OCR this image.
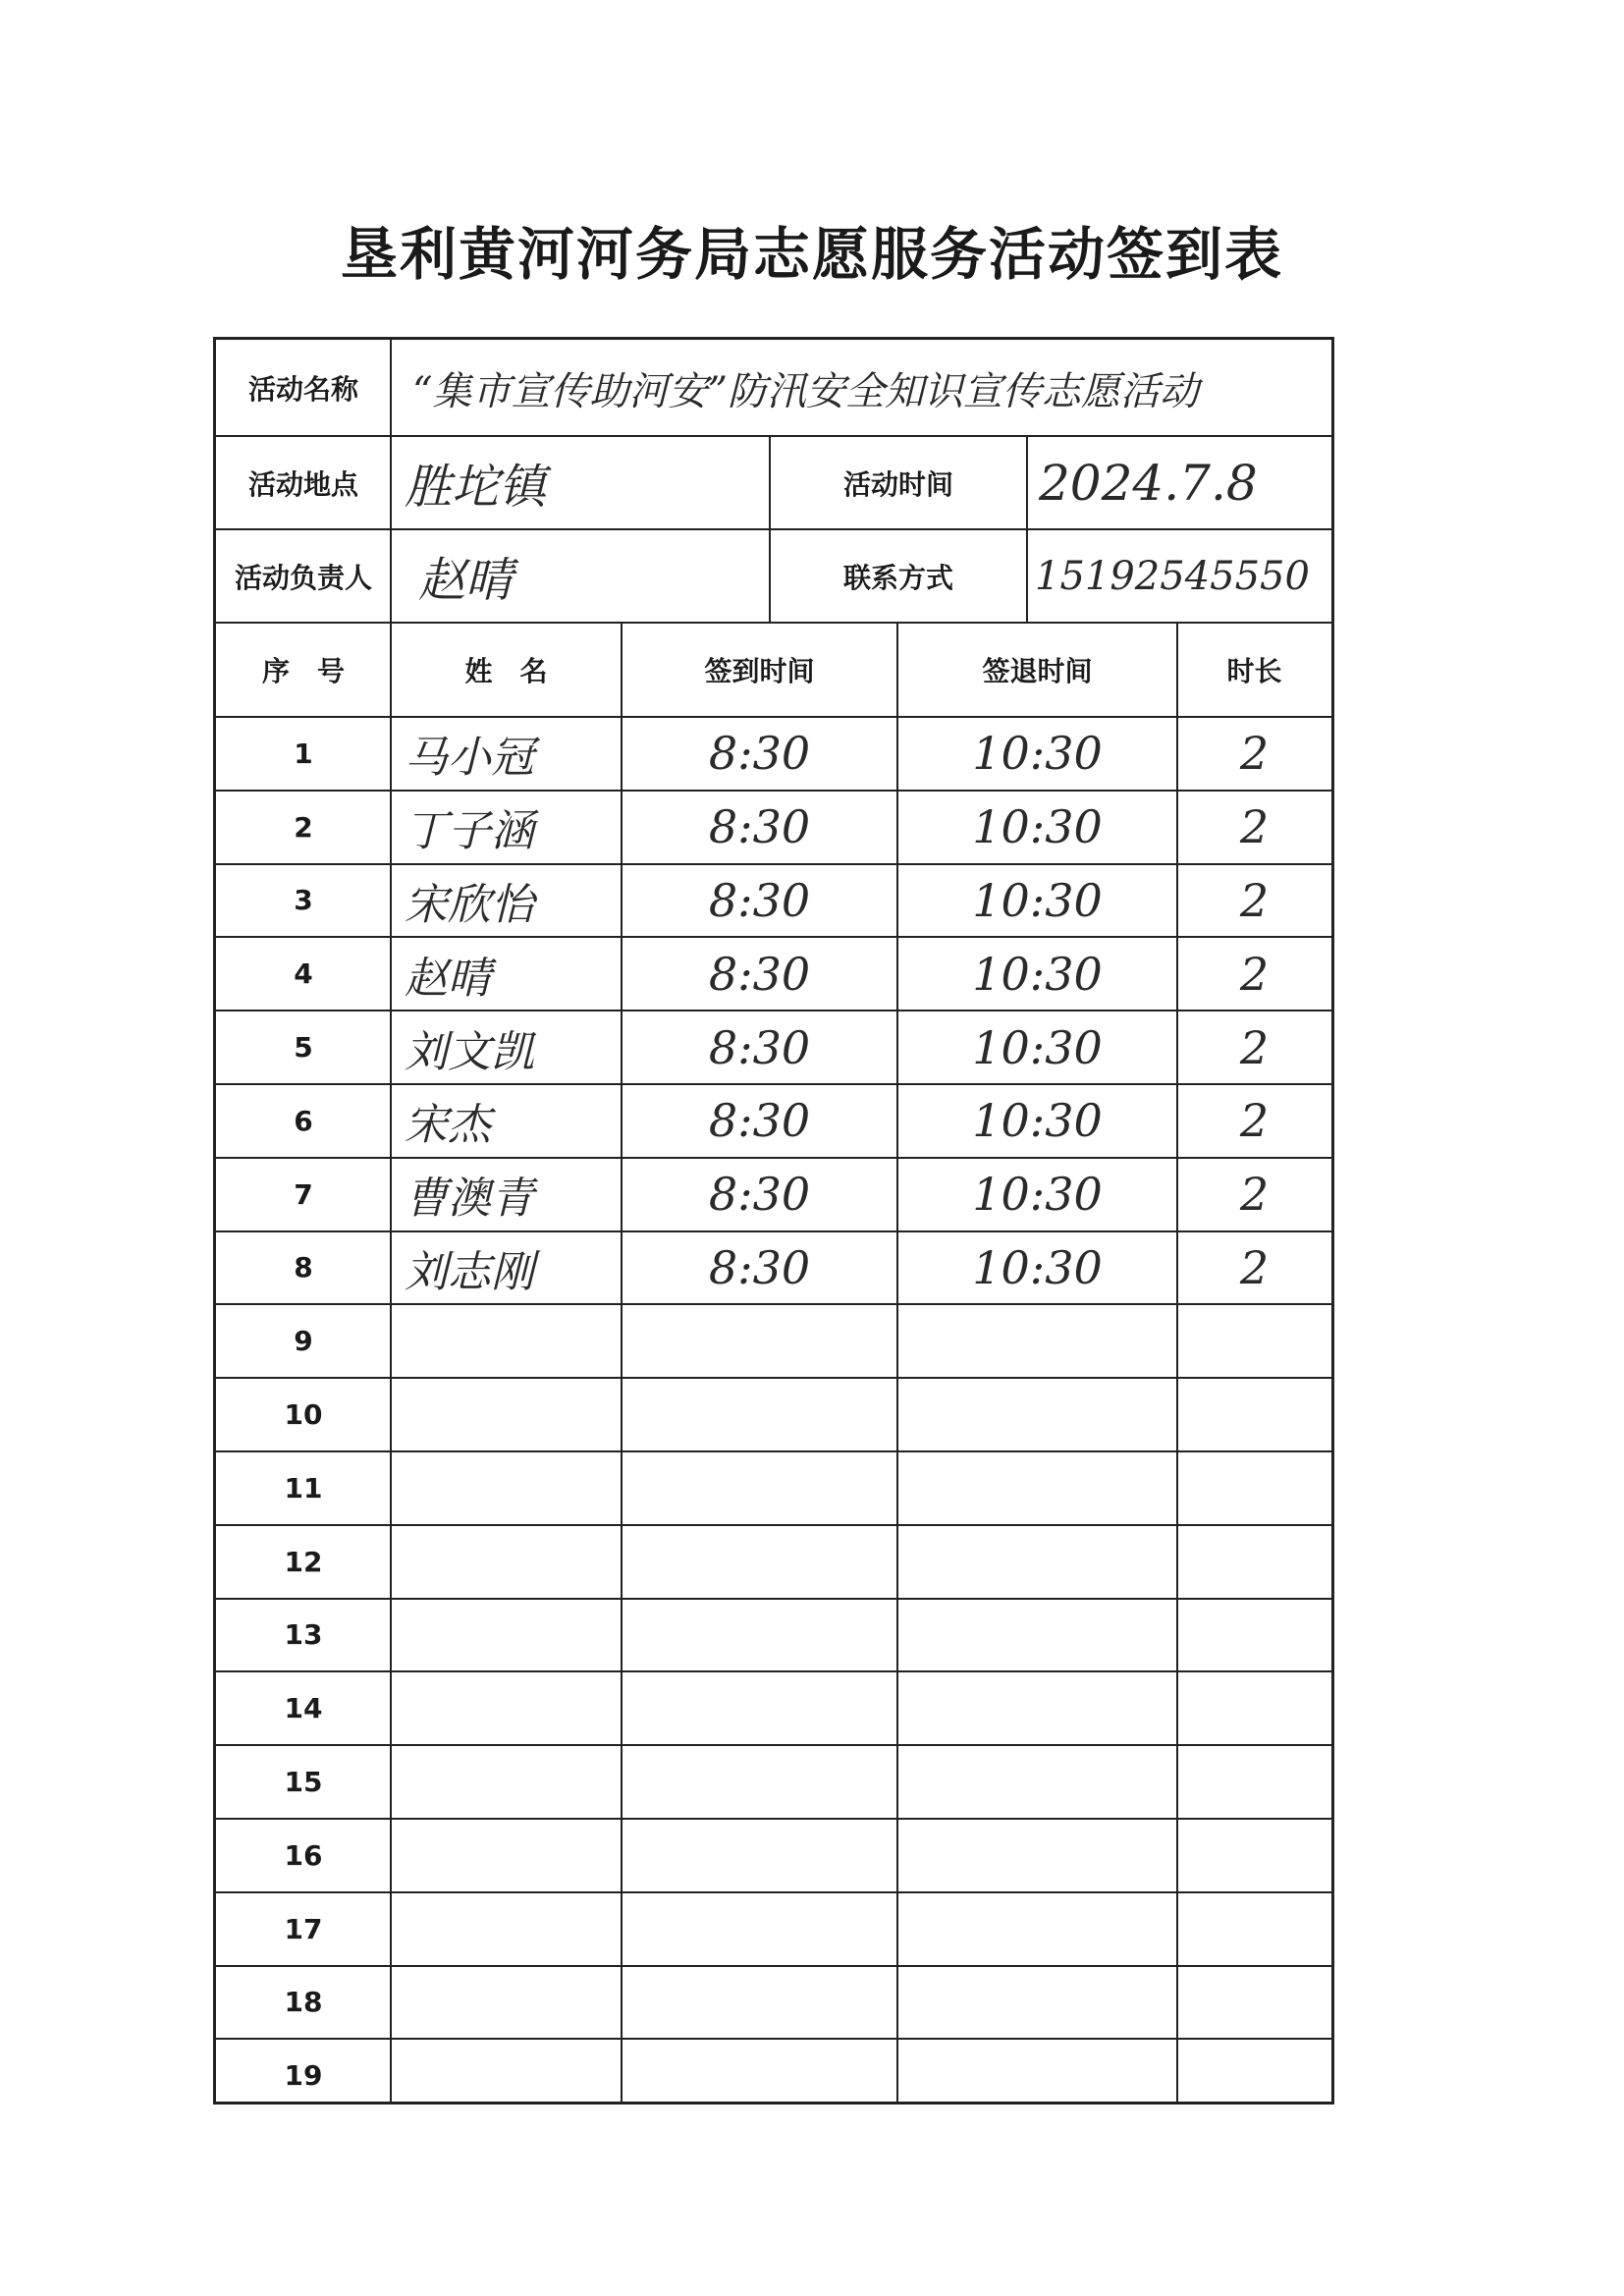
垦利黄河河务局志愿服务活动签到表
活动名称	“集市宣传助河安”防汛安全知识宣传志愿活动
活动地点 胜坨镇	活动时间	2024.7.8
活动负责人 赵晴	联系方式	15192545550
序　号	姓　名	签到时间	签退时间	时长
1	马小冠	8:30	10:30	2
2	丁子涵	8:30	10:30	2
3	宋欣怡	8:30	10:30	2
4	赵晴	8:30	10:30	2
5	刘文凯	8:30	10:30	2
6	宋杰	8:30	10:30	2
7	曹澳青	8:30	10:30	2
8	刘志刚	8:30	10:30	2
9
10
11
12
13
14
15
16
17
18
19
